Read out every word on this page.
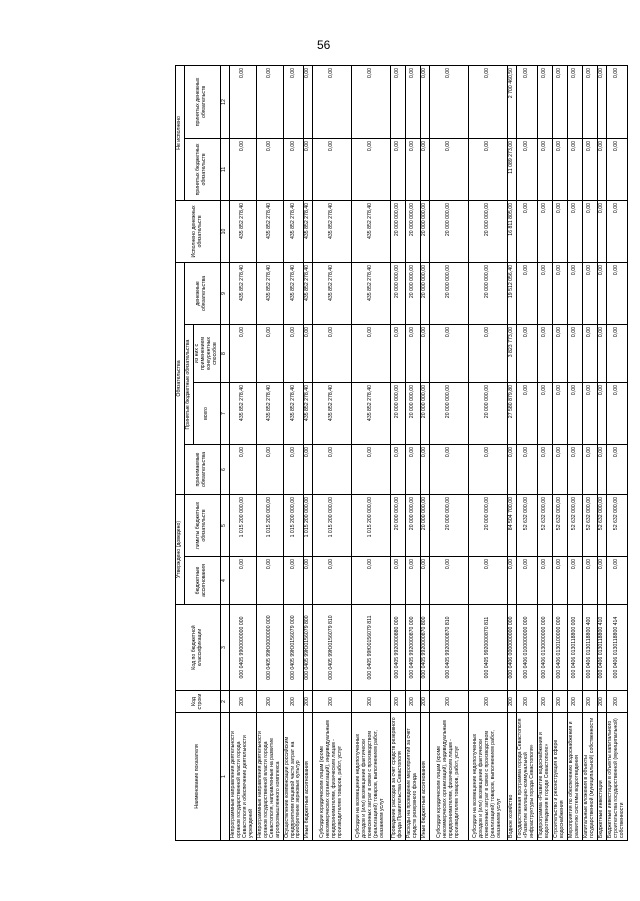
56
Наименование показателя	Код строки	Код по бюджетной классификации	Утверждено (доведено)		Обязательства				Исполнено денежных обязательств	Не исполнено	
			бюджетные ассигнования	лимиты бюджетных обязательств	принимаемые обязательства	Принятые бюджетные обязательства		денежные обязательства		принятых бюджетных обязательств	принятых денежных обязательств
						всего	из них с применением конкурентных способов				
1	2	3	4	5	6	7	8	9	10	11	12
Непрограммные направления деятельности органов государственной власти города Севастополя и обеспечение деятельности учреждений	200	000 0405 9900000000 000	0,00	1 015 200 000,00	0,00	435 852 278,40	0,00	435 852 278,40	435 852 278,40	0,00	0,00
Непрограммные направления деятельности органов государственной власти города Севастополя, направленные на развитие агропромышленного комплекса	200	000 0405 99Ю0000000 000	0,00	1 015 200 000,00	0,00	435 852 278,40	0,00	435 852 278,40	435 852 278,40	0,00	0,00
Осуществление компенсации российским предприятиям пищевой части затрат на приобретение зерновых культур	200	000 0405 99Ю0156079 000	0,00	1 015 200 000,00	0,00	435 852 278,40	0,00	435 852 278,40	435 852 278,40	0,00	0,00
Иные бюджетные ассигнования	200	000 0405 99Ю0156079 800	0,00	1 015 200 000,00	0,00	435 852 278,40	0,00	435 852 278,40	435 852 278,40	0,00	0,00
Субсидии юридическим лицам (кроме некоммерческих организаций), индивидуальным предпринимателям, физическим лицам - производителям товаров, работ, услуг	200	000 0405 99Ю0156079 810	0,00	1 015 200 000,00	0,00	435 852 278,40	0,00	435 852 278,40	435 852 278,40	0,00	0,00
Субсидии на возмещение недополученных доходов и (или) возмещение фактически понесенных затрат в связи с производством (реализацией) товаров, выполнением работ, оказанием услуг	200	000 0405 99Ю0156079 811	0,00	1 015 200 000,00	0,00	435 852 278,40	0,00	435 852 278,40	435 852 278,40	0,00	0,00
Проведение расходов за счет средств резервного фонда Правительства Севастополя	200	000 0405 9920000880 000	0,00	20 000 000,00	0,00	20 000 000,00	0,00	20 000 000,00	20 000 000,00	0,00	0,00
Расходы на проведение мероприятий за счет средств резервного фонда	200	000 0405 9920000870 000	0,00	20 000 000,00	0,00	20 000 000,00	0,00	20 000 000,00	20 000 000,00	0,00	0,00
Иные бюджетные ассигнования	200	000 0405 9920000870 800	0,00	20 000 000,00	0,00	20 000 000,00	0,00	20 000 000,00	20 000 000,00	0,00	0,00
Субсидии юридическим лицам (кроме некоммерческих организаций), индивидуальным предпринимателям, физическим лицам - производителям товаров, работ, услуг	200	000 0405 9920000870 810	0,00	20 000 000,00	0,00	20 000 000,00	0,00	20 000 000,00	20 000 000,00	0,00	0,00
Субсидии на возмещение недополученных доходов и (или) возмещение фактически понесенных затрат в связи с производством (реализацией) товаров, выполнением работ, оказанием услуг	200	000 0405 9920000870 811	0,00	20 000 000,00	0,00	20 000 000,00	0,00	20 000 000,00	20 000 000,00	0,00	0,00
Водное хозяйство	200	000 0406 0000000000 000	0,00	84 504 700,00	0,00	27 580 879,80	3 823 773,00	19 512 056,40	16 811 805,00	11 089 273,00	2 700 460,50
Государственная программа города Севастополя «Развитие жилищно-коммунальной инфраструктуры города Севастополя»	200	000 0406 0100000000 000	0,00	52 632 000,00	0,00	0,00	0,00	0,00	0,00	0,00	0,00
Подпрограмма «Развитие водоснабжения и водоотведения в городе Севастополе»	200	000 0406 0130000000 000	0,00	52 632 000,00	0,00	0,00	0,00	0,00	0,00	0,00	0,00
Строительство и реконструкция в сфере водоснабжения	200	000 0406 0130100000 000	0,00	52 632 000,00	0,00	0,00	0,00	0,00	0,00	0,00	0,00
Мероприятия по обеспечению водоснабжения и развитию системы водоотведения	200	000 0406 0130118800 000	0,00	52 632 000,00	0,00	0,00	0,00	0,00	0,00	0,00	0,00
Капитальные вложения в объекты государственной (муниципальной) собственности	200	000 0406 0130118800 400	0,00	52 632 000,00	0,00	0,00	0,00	0,00	0,00	0,00	0,00
Бюджетные инвестиции	200	000 0406 0130118800 410	0,00	52 632 000,00	0,00	0,00	0,00	0,00	0,00	0,00	0,00
Бюджетные инвестиции в объекты капитального строительства государственной (муниципальной) собственности	200	000 0406 0130118800 414	0,00	52 632 000,00	0,00	0,00	0,00	0,00	0,00	0,00	0,00
